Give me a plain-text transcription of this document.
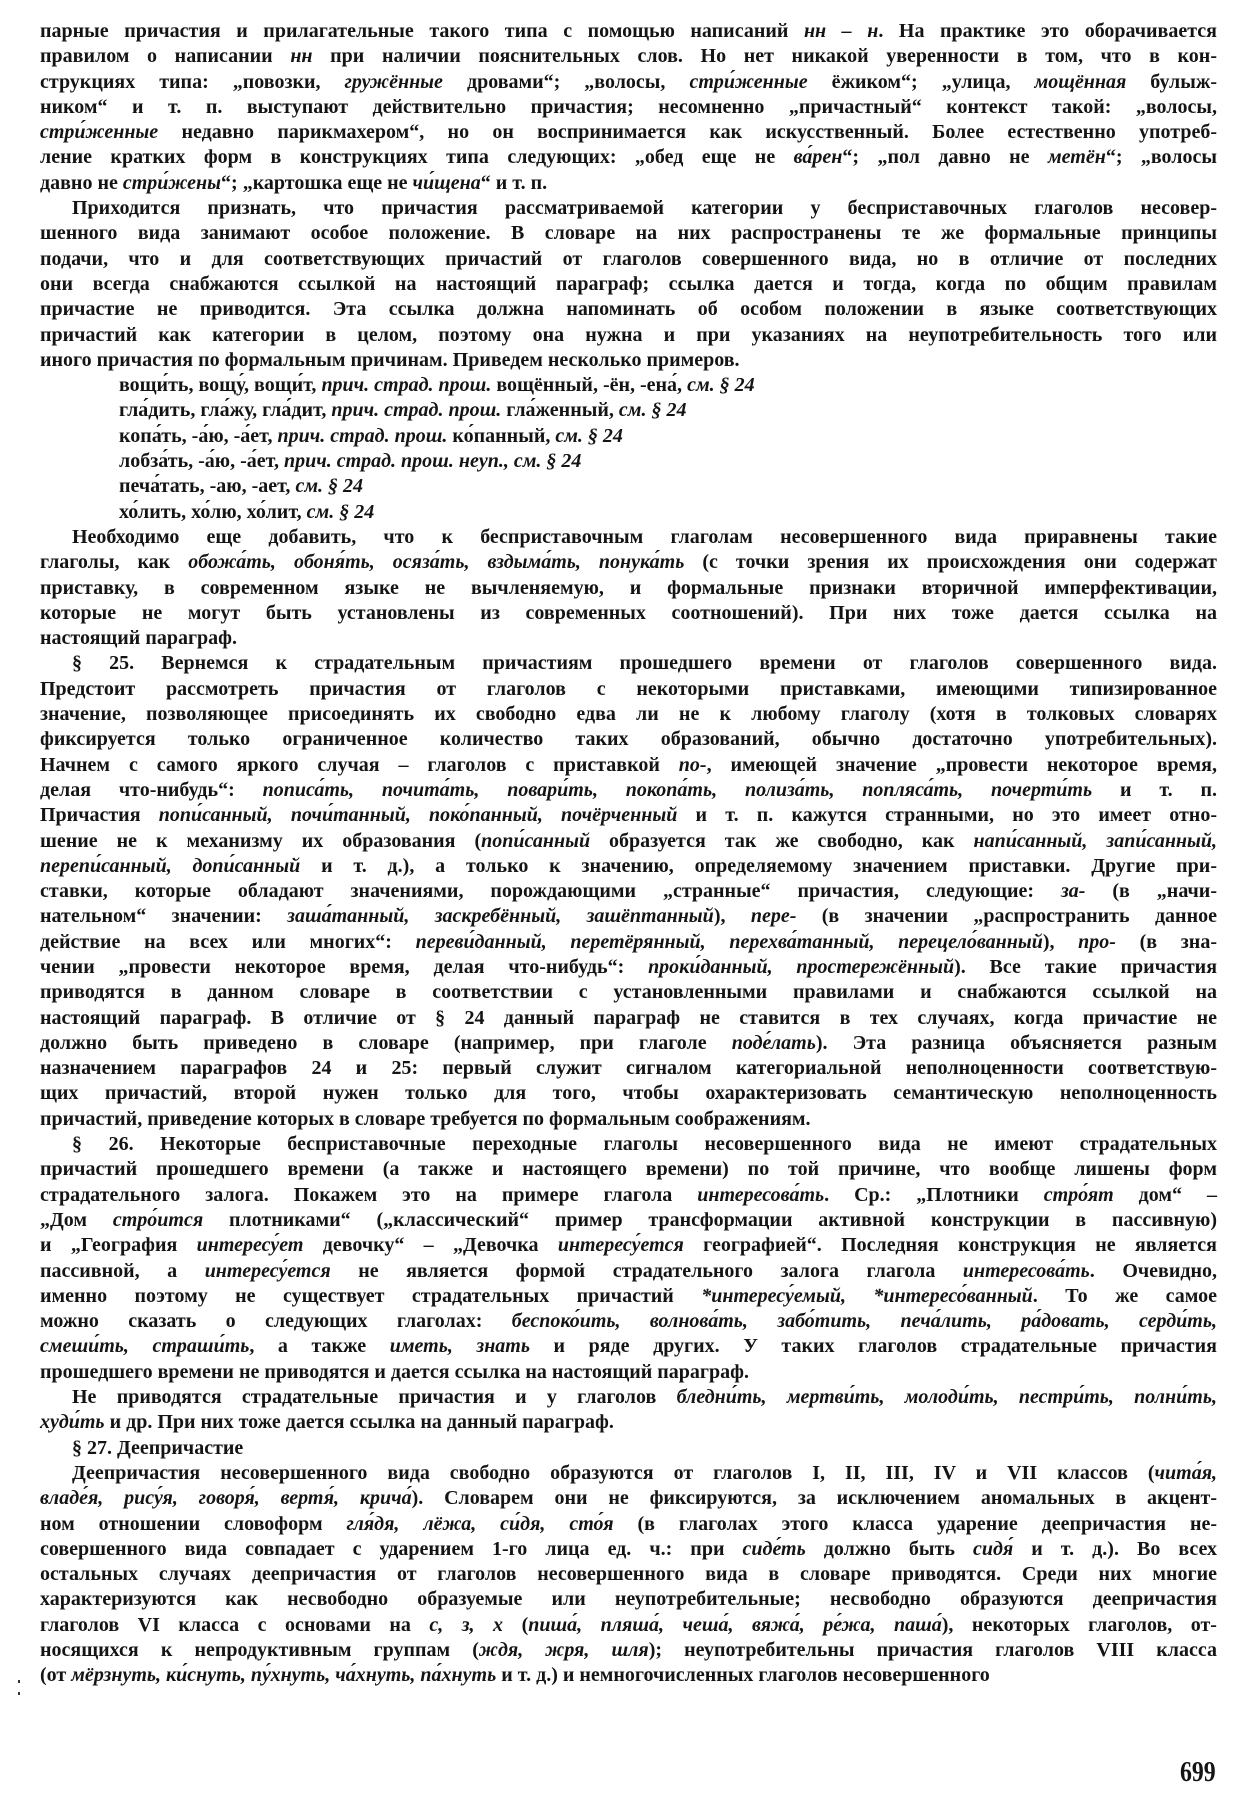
парные причастия и прилагательные такого типа с помощью написаний нн – н. На практике это оборачивается
правилом о написании нн при наличии пояснительных слов. Но нет никакой уверенности в том, что в кон-
струкциях типа: „повозки, гружённые дровами“; „волосы, стри́женные ёжиком“; „улица, мощённая булыж-
ником“ и т. п. выступают действительно причастия; несомненно „причастный“ контекст такой: „волосы,
стри́женные недавно парикмахером“, но он воспринимается как искусственный. Более естественно употреб-
ление кратких форм в конструкциях типа следующих: „обед еще не ва́рен“; „пол давно не метён“; „волосы
давно не стри́жены“; „картошка еще не чи́щена“ и т. п.
Приходится признать, что причастия рассматриваемой категории у бесприставочных глаголов несовер-
шенного вида занимают особое положение. В словаре на них распространены те же формальные принципы
подачи, что и для соответствующих причастий от глаголов совершенного вида, но в отличие от последних
они всегда снабжаются ссылкой на настоящий параграф; ссылка дается и тогда, когда по общим правилам
причастие не приводится. Эта ссылка должна напоминать об особом положении в языке соответствующих
причастий как категории в целом, поэтому она нужна и при указаниях на неупотребительность того или
иного причастия по формальным причинам. Приведем несколько примеров.
вощи́ть, вощу́, вощи́т, прич. страд. прош. вощённый, -ён, -ена́, см. § 24
гла́дить, гла́жу, гла́дит, прич. страд. прош. гла́женный, см. § 24
копа́ть, -а́ю, -а́ет, прич. страд. прош. ко́панный, см. § 24
лобза́ть, -а́ю, -а́ет, прич. страд. прош. неуп., см. § 24
печа́тать, -аю, -ает, см. § 24
хо́лить, хо́лю, хо́лит, см. § 24
Необходимо еще добавить, что к бесприставочным глаголам несовершенного вида приравнены такие
глаголы, как обожа́ть, обоня́ть, осяза́ть, вздыма́ть, понука́ть (с точки зрения их происхождения они содержат
приставку, в современном языке не вычленяемую, и формальные признаки вторичной имперфективации,
которые не могут быть установлены из современных соотношений). При них тоже дается ссылка на
настоящий параграф.
§ 25. Вернемся к страдательным причастиям прошедшего времени от глаголов совершенного вида.
Предстоит рассмотреть причастия от глаголов с некоторыми приставками, имеющими типизированное
значение, позволяющее присоединять их свободно едва ли не к любому глаголу (хотя в толковых словарях
фиксируется только ограниченное количество таких образований, обычно достаточно употребительных).
Начнем с самого яркого случая – глаголов с приставкой по-, имеющей значение „провести некоторое время,
делая что-нибудь“: пописа́ть, почита́ть, повари́ть, покопа́ть, полиза́ть, попляса́ть, почерти́ть и т. п.
Причастия попи́санный, почи́танный, поко́панный, почёрченный и т. п. кажутся странными, но это имеет отно-
шение не к механизму их образования (попи́санный образуется так же свободно, как напи́санный, запи́санный,
перепи́санный, допи́санный и т. д.), а только к значению, определяемому значением приставки. Другие при-
ставки, которые обладают значениями, порождающими „странные“ причастия, следующие: за- (в „начи-
нательном“ значении: заша́танный, заскребённый, зашёптанный), пере- (в значении „распространить данное
действие на всех или многих“: переви́данный, перетёрянный, перехва́танный, перецело́ванный), про- (в зна-
чении „провести некоторое время, делая что-нибудь“: проки́данный, простережённый). Все такие причастия
приводятся в данном словаре в соответствии с установленными правилами и снабжаются ссылкой на
настоящий параграф. В отличие от § 24 данный параграф не ставится в тех случаях, когда причастие не
должно быть приведено в словаре (например, при глаголе поде́лать). Эта разница объясняется разным
назначением параграфов 24 и 25: первый служит сигналом категориальной неполноценности соответствую-
щих причастий, второй нужен только для того, чтобы охарактеризовать семантическую неполноценность
причастий, приведение которых в словаре требуется по формальным соображениям.
§ 26. Некоторые бесприставочные переходные глаголы несовершенного вида не имеют страдательных
причастий прошедшего времени (а также и настоящего времени) по той причине, что вообще лишены форм
страдательного залога. Покажем это на примере глагола интересова́ть. Ср.: „Плотники стро́ят дом“ –
„Дом стро́ится плотниками“ („классический“ пример трансформации активной конструкции в пассивную)
и „География интересу́ет девочку“ – „Девочка интересу́ется географией“. Последняя конструкция не является
пассивной, а интересу́ется не является формой страдательного залога глагола интересова́ть. Очевидно,
именно поэтому не существует страдательных причастий *интересу́емый, *интересо́ванный. То же самое
можно сказать о следующих глаголах: беспоко́ить, волнова́ть, забо́тить, печа́лить, ра́довать, серди́ть,
смеши́ть, страши́ть, а также иметь, знать и ряде других. У таких глаголов страдательные причастия
прошедшего времени не приводятся и дается ссылка на настоящий параграф.
Не приводятся страдательные причастия и у глаголов бледни́ть, мертви́ть, молоди́ть, пестри́ть, полни́ть,
худи́ть и др. При них тоже дается ссылка на данный параграф.
§ 27. Деепричастие
Деепричастия несовершенного вида свободно образуются от глаголов I, II, III, IV и VII классов (чита́я,
владе́я, рису́я, говоря́, вертя́, крича́). Словарем они не фиксируются, за исключением аномальных в акцент-
ном отношении словоформ гля́дя, лёжа, си́дя, сто́я (в глаголах этого класса ударение деепричастия не-
совершенного вида совпадает с ударением 1-го лица ед. ч.: при сиде́ть должно быть сидя́ и т. д.). Во всех
остальных случаях деепричастия от глаголов несовершенного вида в словаре приводятся. Среди них многие
характеризуются как несвободно образуемые или неупотребительные; несвободно образуются деепричастия
глаголов VI класса с основами на с, з, х (пиша́, пляша́, чеша́, вяжа́, ре́жа, паша́), некоторых глаголов, от-
носящихся к непродуктивным группам (ждя, жря, шля); неупотребительны причастия глаголов VIII класса
(от мёрзнуть, ки́снуть, пу́хнуть, ча́хнуть, па́хнуть и т. д.) и немногочисленных глаголов несовершенного
699
